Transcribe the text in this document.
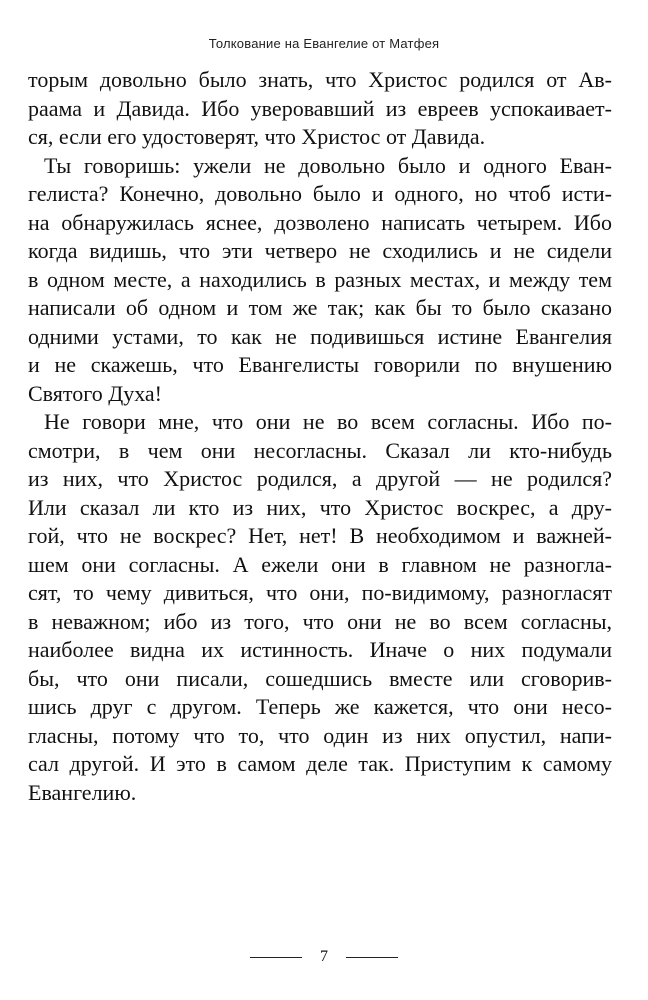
Толкование на Евангелие от Матфея
торым довольно было знать, что Христос родился от Ав-
раама и Давида. Ибо уверовавший из евреев успокаивает-
ся, если его удостоверят, что Христос от Давида.
Ты говоришь: ужели не довольно было и одного Еван-
гелиста? Конечно, довольно было и одного, но чтоб исти-
на обнаружилась яснее, дозволено написать четырем. Ибо
когда видишь, что эти четверо не сходились и не сидели
в одном месте, а находились в разных местах, и между тем
написали об одном и том же так; как бы то было сказано
одними устами, то как не подивишься истине Евангелия
и не скажешь, что Евангелисты говорили по внушению
Святого Духа!
Не говори мне, что они не во всем согласны. Ибо по-
смотри, в чем они несогласны. Сказал ли кто-нибудь
из них, что Христос родился, а другой — не родился?
Или сказал ли кто из них, что Христос воскрес, а дру-
гой, что не воскрес? Нет, нет! В необходимом и важней-
шем они согласны. А ежели они в главном не разногла-
сят, то чему дивиться, что они, по-видимому, разногласят
в неважном; ибо из того, что они не во всем согласны,
наиболее видна их истинность. Иначе о них подумали
бы, что они писали, сошедшись вместе или сговорив-
шись друг с другом. Теперь же кажется, что они несо-
гласны, потому что то, что один из них опустил, напи-
сал другой. И это в самом деле так. Приступим к самому
Евангелию.
7
